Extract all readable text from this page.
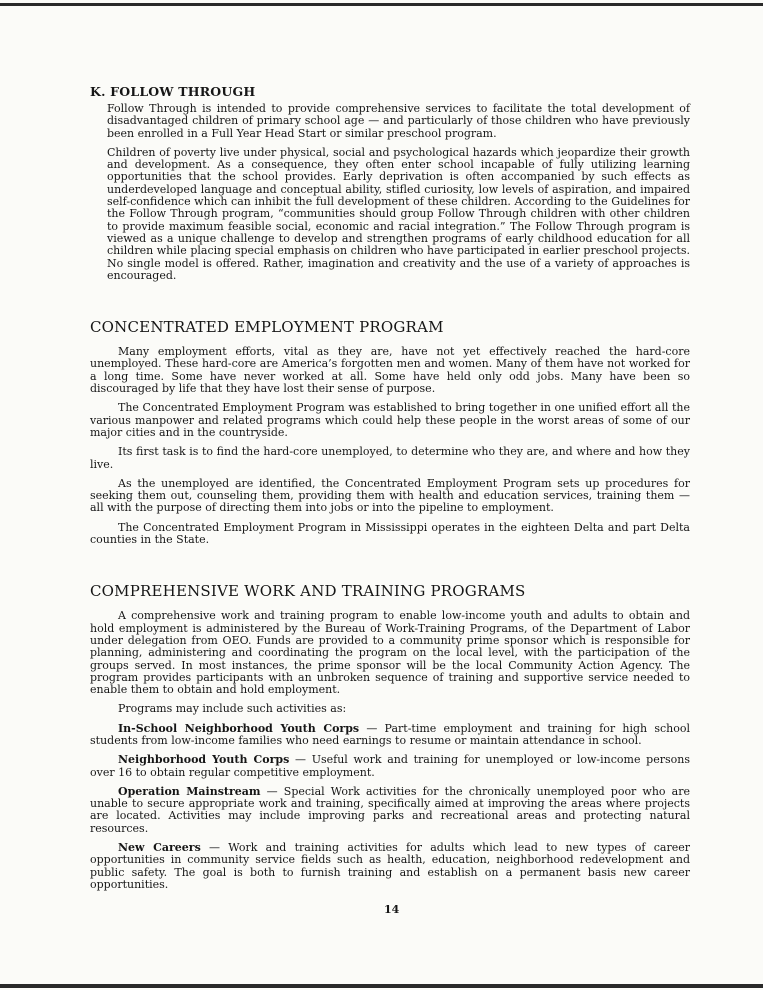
K. FOLLOW THROUGH

Follow Through is intended to provide comprehensive services to facilitate the total development of disadvantaged children of primary school age — and particularly of those children who have previously been enrolled in a Full Year Head Start or similar preschool program.

Children of poverty live under physical, social and psychological hazards which jeopardize their growth and development. As a consequence, they often enter school incapable of fully utilizing learning opportunities that the school provides. Early deprivation is often accompanied by such effects as underdeveloped language and conceptual ability, stifled curiosity, low levels of aspiration, and impaired self-confidence which can inhibit the full development of these children. According to the Guidelines for the Follow Through program, “communities should group Follow Through children with other children to provide maximum feasible social, economic and racial integration.” The Follow Through program is viewed as a unique challenge to develop and strengthen programs of early childhood education for all children while placing special emphasis on children who have participated in earlier preschool projects. No single model is offered. Rather, imagination and creativity and the use of a variety of approaches is encouraged.

CONCENTRATED EMPLOYMENT PROGRAM

Many employment efforts, vital as they are, have not yet effectively reached the hard-core unemployed. These hard-core are America’s forgotten men and women. Many of them have not worked for a long time. Some have never worked at all. Some have held only odd jobs. Many have been so discouraged by life that they have lost their sense of purpose.

The Concentrated Employment Program was established to bring together in one unified effort all the various manpower and related programs which could help these people in the worst areas of some of our major cities and in the countryside.

Its first task is to find the hard-core unemployed, to determine who they are, and where and how they live.

As the unemployed are identified, the Concentrated Employment Program sets up procedures for seeking them out, counseling them, providing them with health and education services, training them — all with the purpose of directing them into jobs or into the pipeline to employment.

The Concentrated Employment Program in Mississippi operates in the eighteen Delta and part Delta counties in the State.

COMPREHENSIVE WORK AND TRAINING PROGRAMS

A comprehensive work and training program to enable low-income youth and adults to obtain and hold employment is administered by the Bureau of Work-Training Programs, of the Department of Labor under delegation from OEO. Funds are provided to a community prime sponsor which is responsible for planning, administering and coordinating the program on the local level, with the participation of the groups served. In most instances, the prime sponsor will be the local Community Action Agency. The program provides participants with an unbroken sequence of training and supportive service needed to enable them to obtain and hold employment.

Programs may include such activities as:

In-School Neighborhood Youth Corps — Part-time employment and training for high school students from low-income families who need earnings to resume or maintain attendance in school.

Neighborhood Youth Corps — Useful work and training for unemployed or low-income persons over 16 to obtain regular competitive employment.

Operation Mainstream — Special Work activities for the chronically unemployed poor who are unable to secure appropriate work and training, specifically aimed at improving the areas where projects are located. Activities may include improving parks and recreational areas and protecting natural resources.

New Careers — Work and training activities for adults which lead to new types of career opportunities in community service fields such as health, education, neighborhood redevelopment and public safety. The goal is both to furnish training and establish on a permanent basis new career opportunities.

14
